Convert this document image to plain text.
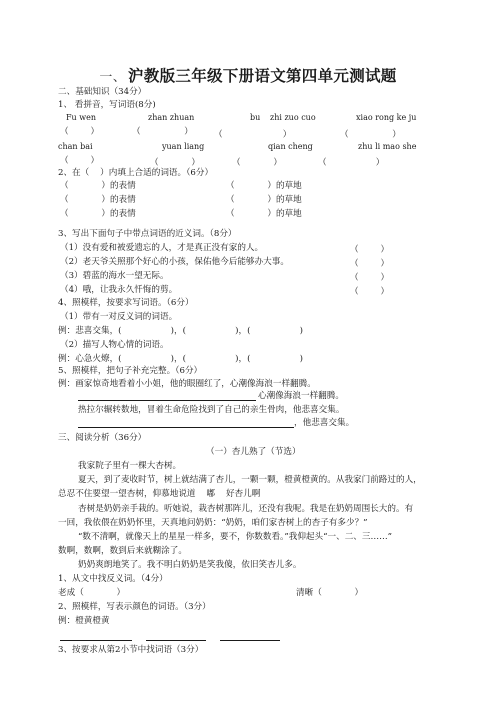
一、 沪教版三年级下册语文第四单元测试题
二、基础知识（34分）
1、 看拼音，写词语(8分)
Fu wen	zhan zhuan	bu zhi zuo cuo	xiao rong ke ju
（        ）	（                ） （                      ）	（                ）
chan bai	yuan liang	qian cheng	zhu li mao she
（        ）	（            ）	（            ）	（                  ）
2、在（    ）内填上合适的词语。（6分）
（            ）的表情	（            ）的草地
（            ）的表情	（            ）的草地
（            ）的表情	（            ）的草地
3、写出下面句子中带点词语的近义词。（8分）
（1）没有爱和被爱遗忘的人，才是真正没有家的人。	（        ）
（2）老天爷关照那个好心的小孩，保佑他今后能够办大事。	（        ）
（3）碧蓝的海水一望无际。	（        ）
（4）哦，让我永久忏悔的剪。	（        ）
4、照模样，按要求写词语。（6分）
（1）带有一对反义词的词语。
例：悲喜交集，(                  )，(                  )，(                  )
（2）描写人物心情的词语。
例：心急火燎，(                  )，(                  )，(                  )
5、照模样，把句子补充完整。（6分）
例：画家惊奇地看着小小姐，他的眼圈红了，心潮像海浪一样翻腾。
心潮像海浪一样翻腾。
热拉尔辗转数地，冒着生命危险找到了自己的亲生骨肉，他悲喜交集。
，他悲喜交集。
三、阅读分析（36分）
（一）杏儿熟了（节选）
我家院子里有一棵大杏树。
夏天，到了麦收时节，树上就结满了杏儿，一颗一颗，橙黄橙黄的。从我家门前路过的人，
总忍不住要望一望杏树，仰慕地说道    嘟    好杏儿啊
杏树是奶奶亲手栽的。听她说，栽杏树那阵儿，还没有我呢。我是在奶奶周围长大的。有
一回，我依偎在奶奶怀里，天真地问奶奶：“奶奶，咱们家杏树上的杏子有多少？”
“数不清啊，就像天上的星星一样多，要不，你数数看。”我仰起头“一、二、三……”
数啊，数啊，数到后来就糊涂了。
奶奶爽朗地笑了。我不明白奶奶是笑我傻，依旧笑杏儿多。
1、从文中找反义词。（4分）
老成（            ）	清晰（            ）
2、照模样，写表示颜色的词语。（3分）
例：橙黄橙黄
3、按要求从第2小节中找词语（3分）
